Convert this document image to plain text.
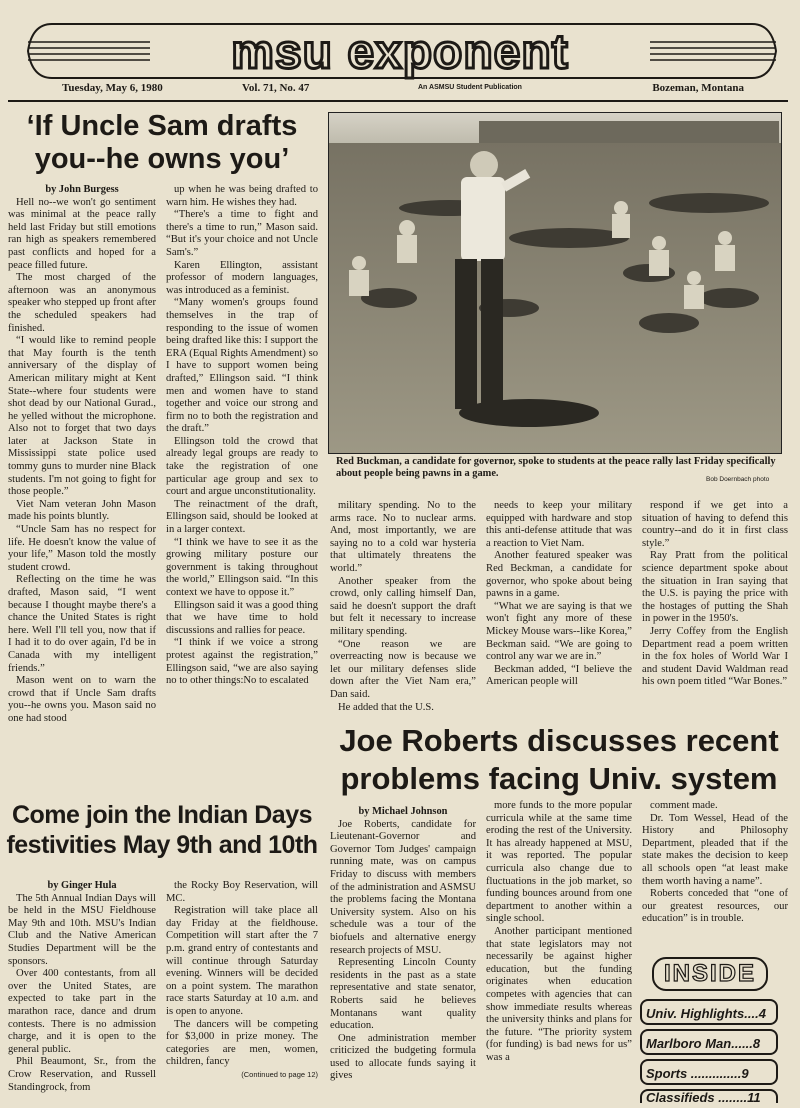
msu exponent
Tuesday, May 6, 1980	Vol. 71, No. 47	An ASMSU Student Publication	Bozeman, Montana
‘If Uncle Sam drafts you--he owns you’
Red Buckman, a candidate for governor, spoke to students at the peace rally last Friday specifically about people being pawns in a game.
Bob Doernbach photo

by John Burgess

Hell no--we won't go sentiment was minimal at the peace rally held last Friday but still emotions ran high as speakers remembered past conflicts and hoped for a peace filled future.

The most charged of the afternoon was an anonymous speaker who stepped up front after the scheduled speakers had finished.

“I would like to remind people that May fourth is the tenth anniversary of the display of American military might at Kent State--where four students were shot dead by our National Gurad., he yelled without the microphone. Also not to forget that two days later at Jackson State in Mississippi state police used tommy guns to murder nine Black students. I'm not going to fight for those people.”

Viet Nam veteran John Mason made his points bluntly.

“Uncle Sam has no respect for life. He doesn't know the value of your life,” Mason told the mostly student crowd.

Reflecting on the time he was drafted, Mason said, “I went because I thought maybe there's a chance the United States is right here. Well I'll tell you, now that if I had it to do over again, I'd be in Canada with my intelligent friends.”

Mason went on to warn the crowd that if Uncle Sam drafts you--he owns you. Mason said no one had stood

up when he was being drafted to warn him. He wishes they had.

“There's a time to fight and there's a time to run,” Mason said. “But it's your choice and not Uncle Sam's.”

Karen Ellington, assistant professor of modern languages, was introduced as a feminist.

“Many women's groups found themselves in the trap of responding to the issue of women being drafted like this: I support the ERA (Equal Rights Amendment) so I have to support women being drafted,” Ellingson said. “I think men and women have to stand together and voice our strong and firm no to both the registration and the draft.”

Ellingson told the crowd that already legal groups are ready to take the registration of one particular age group and sex to court and argue unconstitutionality.

The reinactment of the draft, Ellingson said, should be looked at in a larger context.

“I think we have to see it as the growing military posture our government is taking throughout the world,” Ellingson said. “In this context we have to oppose it.”

Ellingson said it was a good thing that we have time to hold discussions and rallies for peace.

“I think if we voice a strong protest against the registration,” Ellingson said, “we are also saying no to other things:No to escalated

military spending. No to the arms race. No to nuclear arms. And, most importantly, we are saying no to a cold war hysteria that ultimately threatens the world.”

Another speaker from the crowd, only calling himself Dan, said he doesn't support the draft but felt it necessary to increase military spending.

“One reason we are overreacting now is because we let our military defenses slide down after the Viet Nam era,” Dan said.

He added that the U.S.

needs to keep your military equipped with hardware and stop this anti-defense attitude that was a reaction to Viet Nam.

Another featured speaker was Red Beckman, a candidate for governor, who spoke about being pawns in a game.

“What we are saying is that we won't fight any more of these Mickey Mouse wars--like Korea,” Beckman said. “We are going to control any war we are in.”

Beckman added, “I believe the American people will

respond if we get into a situation of having to defend this country--and do it in first class style.”

Ray Pratt from the political science department spoke about the situation in Iran saying that the U.S. is paying the price with the hostages of putting the Shah in power in the 1950's.

Jerry Coffey from the English Department read a poem written in the fox holes of World War I and student David Waldman read his own poem titled “War Bones.”

Come join the Indian Days festivities May 9th and 10th

by Ginger Hula

The 5th Annual Indian Days will be held in the MSU Fieldhouse May 9th and 10th. MSU's Indian Club and the Native American Studies Department will be the sponsors.

Over 400 contestants, from all over the United States, are expected to take part in the marathon race, dance and drum contests. There is no admission charge, and it is open to the general public.

Phil Beaumont, Sr., from the Crow Reservation, and Russell Standingrock, from

the Rocky Boy Reservation, will MC.

Registration will take place all day Friday at the fieldhouse. Competition will start after the 7 p.m. grand entry of contestants and will continue through Saturday evening. Winners will be decided on a point system. The marathon race starts Saturday at 10 a.m. and is open to anyone.

The dancers will be competing for $3,000 in prize money. The categories are men, women, children, fancy

(Continued to page 12)

Joe Roberts discusses recent problems facing Univ. system

by Michael Johnson

Joe Roberts, candidate for Lieutenant-Governor and Governor Tom Judges' campaign running mate, was on campus Friday to discuss with members of the administration and ASMSU the problems facing the Montana University system. Also on his schedule was a tour of the biofuels and alternative energy research projects of MSU.

Representing Lincoln County residents in the past as a state representative and state senator, Roberts said he believes Montanans want quality education.

One administration member criticized the budgeting formula used to allocate funds saying it gives

more funds to the more popular curricula while at the same time eroding the rest of the University. It has already happened at MSU, it was reported. The popular curricula also change due to fluctuations in the job market, so funding bounces around from one department to another within a single school.

Another participant mentioned that state legislators may not necessarily be against higher education, but the funding originates when education competes with agencies that can show immediate results whereas the university thinks and plans for the future. “The priority system (for funding) is bad news for us” was a

comment made.

Dr. Tom Wessel, Head of the History and Philosophy Department, pleaded that if the state makes the decision to keep all schools open “at least make them worth having a name”.

Roberts conceded that “one of our greatest resources, our education” is in trouble.

INSIDE
Univ. Highlights....4
Marlboro Man......8
Sports ..............9
Classifieds ........11
